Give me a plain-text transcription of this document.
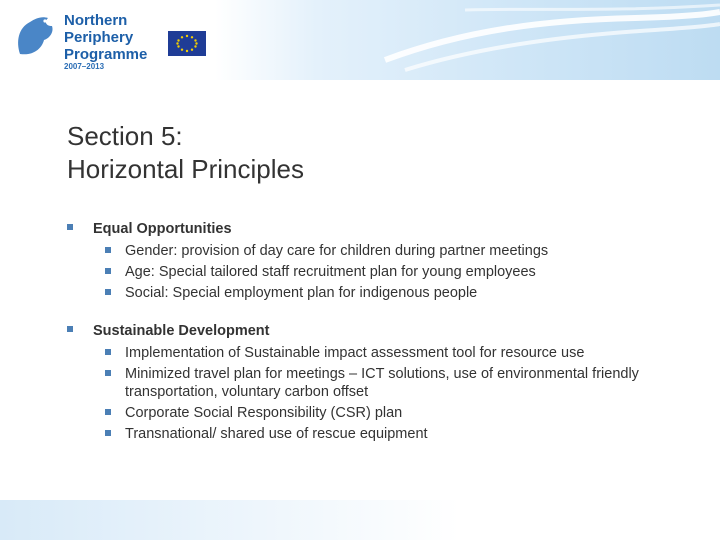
Northern
Periphery
Programme
2007–2013
Section 5:
Horizontal Principles
Equal Opportunities
Gender: provision of day care for children during partner meetings
Age: Special tailored staff recruitment plan for young employees
Social: Special employment plan for indigenous people
Sustainable Development
Implementation of Sustainable impact assessment tool for resource use
Minimized travel plan for meetings – ICT solutions, use of environmental friendly transportation, voluntary carbon offset
Corporate Social Responsibility (CSR) plan
Transnational/ shared use of rescue equipment
